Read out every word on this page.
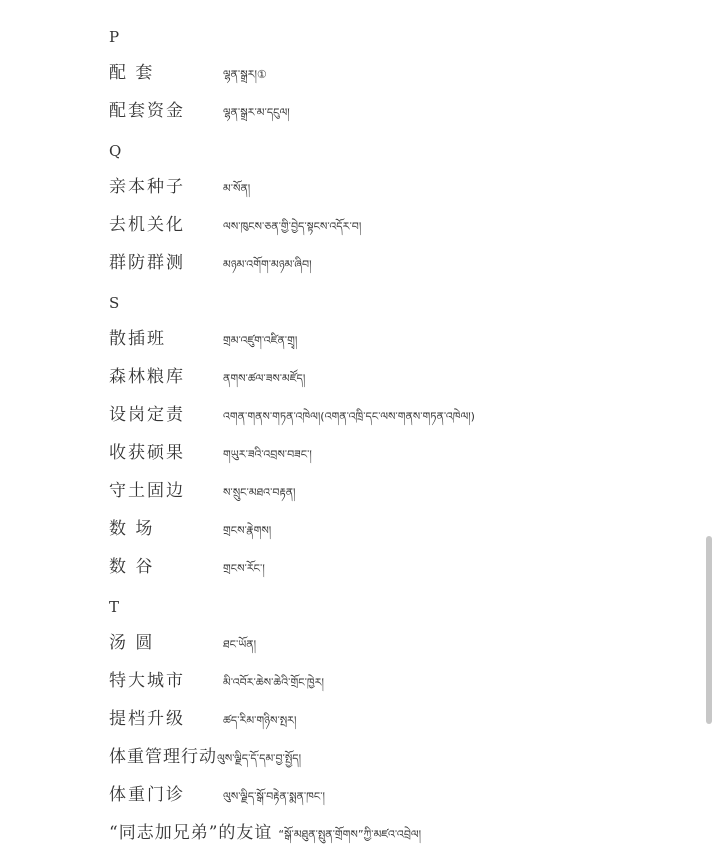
P
配 套	ལྷན་སྒྲར།①
配套资金	ལྷན་སྒྲར་མ་དངུལ།
Q
亲本种子	མ་སོན།
去机关化	ལས་ཁུངས་ཅན་གྱི་བྱེད་སྟངས་འདོར་བ།
群防群测	མཉམ་འགོག་མཉམ་ཞིབ།
S
散插班	གྲམ་འཛུག་འཛིན་གྲྭ།
森林粮库	ནགས་ཚལ་ཟས་མཛོད།
设岗定责	འགན་གནས་གཏན་འཁེལ།(འགན་འཁྲི་དང་ལས་གནས་གཏན་འཁེལ།)
收获硕果	གཡུར་ཟའི་འབྲས་བཟང་།
守土固边	ས་སྲུང་མཐའ་བརྟན།
数 场	གྲངས་རྣེགས།
数 谷	གྲངས་རོང་།
T
汤 圆	ཐང་ཡོན།
特大城市	མི་འབོར་ཆེས་ཆེའི་གྲོང་ཁྱེར།
提档升级	ཚད་རིམ་གཉིས་སྤར།
体重管理行动 ལུས་ལྗིད་དོ་དམ་བྱ་སྤྱོད།
体重门诊	ལུས་ལྗིད་སྒོ་བརྟེན་སྨན་ཁང་།
“同志加兄弟”的友谊 “སྒོ་མཐུན་སྤུན་གྲོགས”ཀྱི་མཛའ་འབྲེལ།
